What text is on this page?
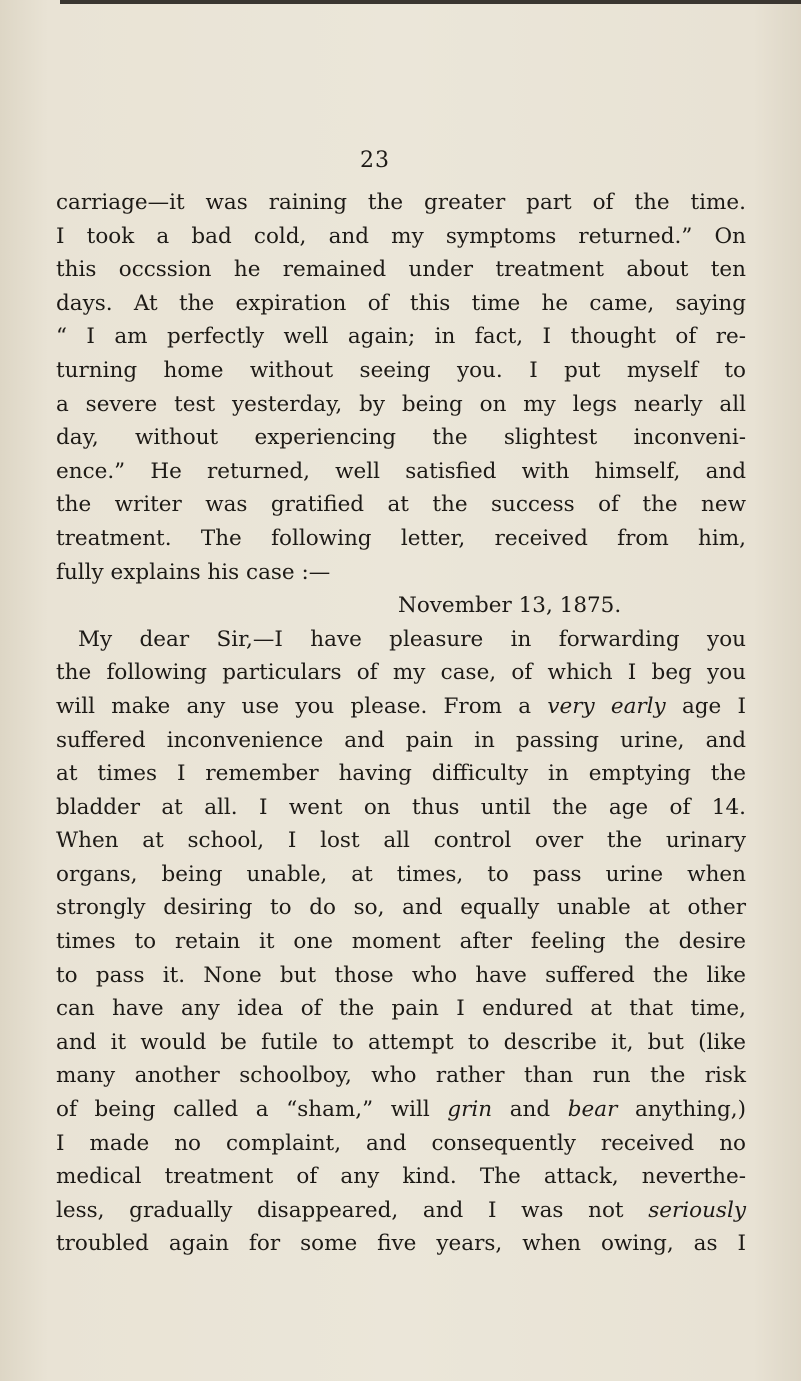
23
carriage—it was raining the greater part of the time.
I took a bad cold, and my symptoms returned.” On
this occssion he remained under treatment about ten
days. At the expiration of this time he came, saying
“ I am perfectly well again; in fact, I thought of re-
turning home without seeing you. I put myself to
a severe test yesterday, by being on my legs nearly all
day, without experiencing the slightest inconveni-
ence.” He returned, well satisfied with himself, and
the writer was gratified at the success of the new
treatment. The following letter, received from him,
fully explains his case :—
November 13, 1875.
My dear Sir,—I have pleasure in forwarding you
the following particulars of my case, of which I beg you
will make any use you please. From a very early age I
suffered inconvenience and pain in passing urine, and
at times I remember having difficulty in emptying the
bladder at all. I went on thus until the age of 14.
When at school, I lost all control over the urinary
organs, being unable, at times, to pass urine when
strongly desiring to do so, and equally unable at other
times to retain it one moment after feeling the desire
to pass it. None but those who have suffered the like
can have any idea of the pain I endured at that time,
and it would be futile to attempt to describe it, but (like
many another schoolboy, who rather than run the risk
of being called a “sham,” will grin and bear anything,)
I made no complaint, and consequently received no
medical treatment of any kind. The attack, neverthe-
less, gradually disappeared, and I was not seriously
troubled again for some five years, when owing, as I
